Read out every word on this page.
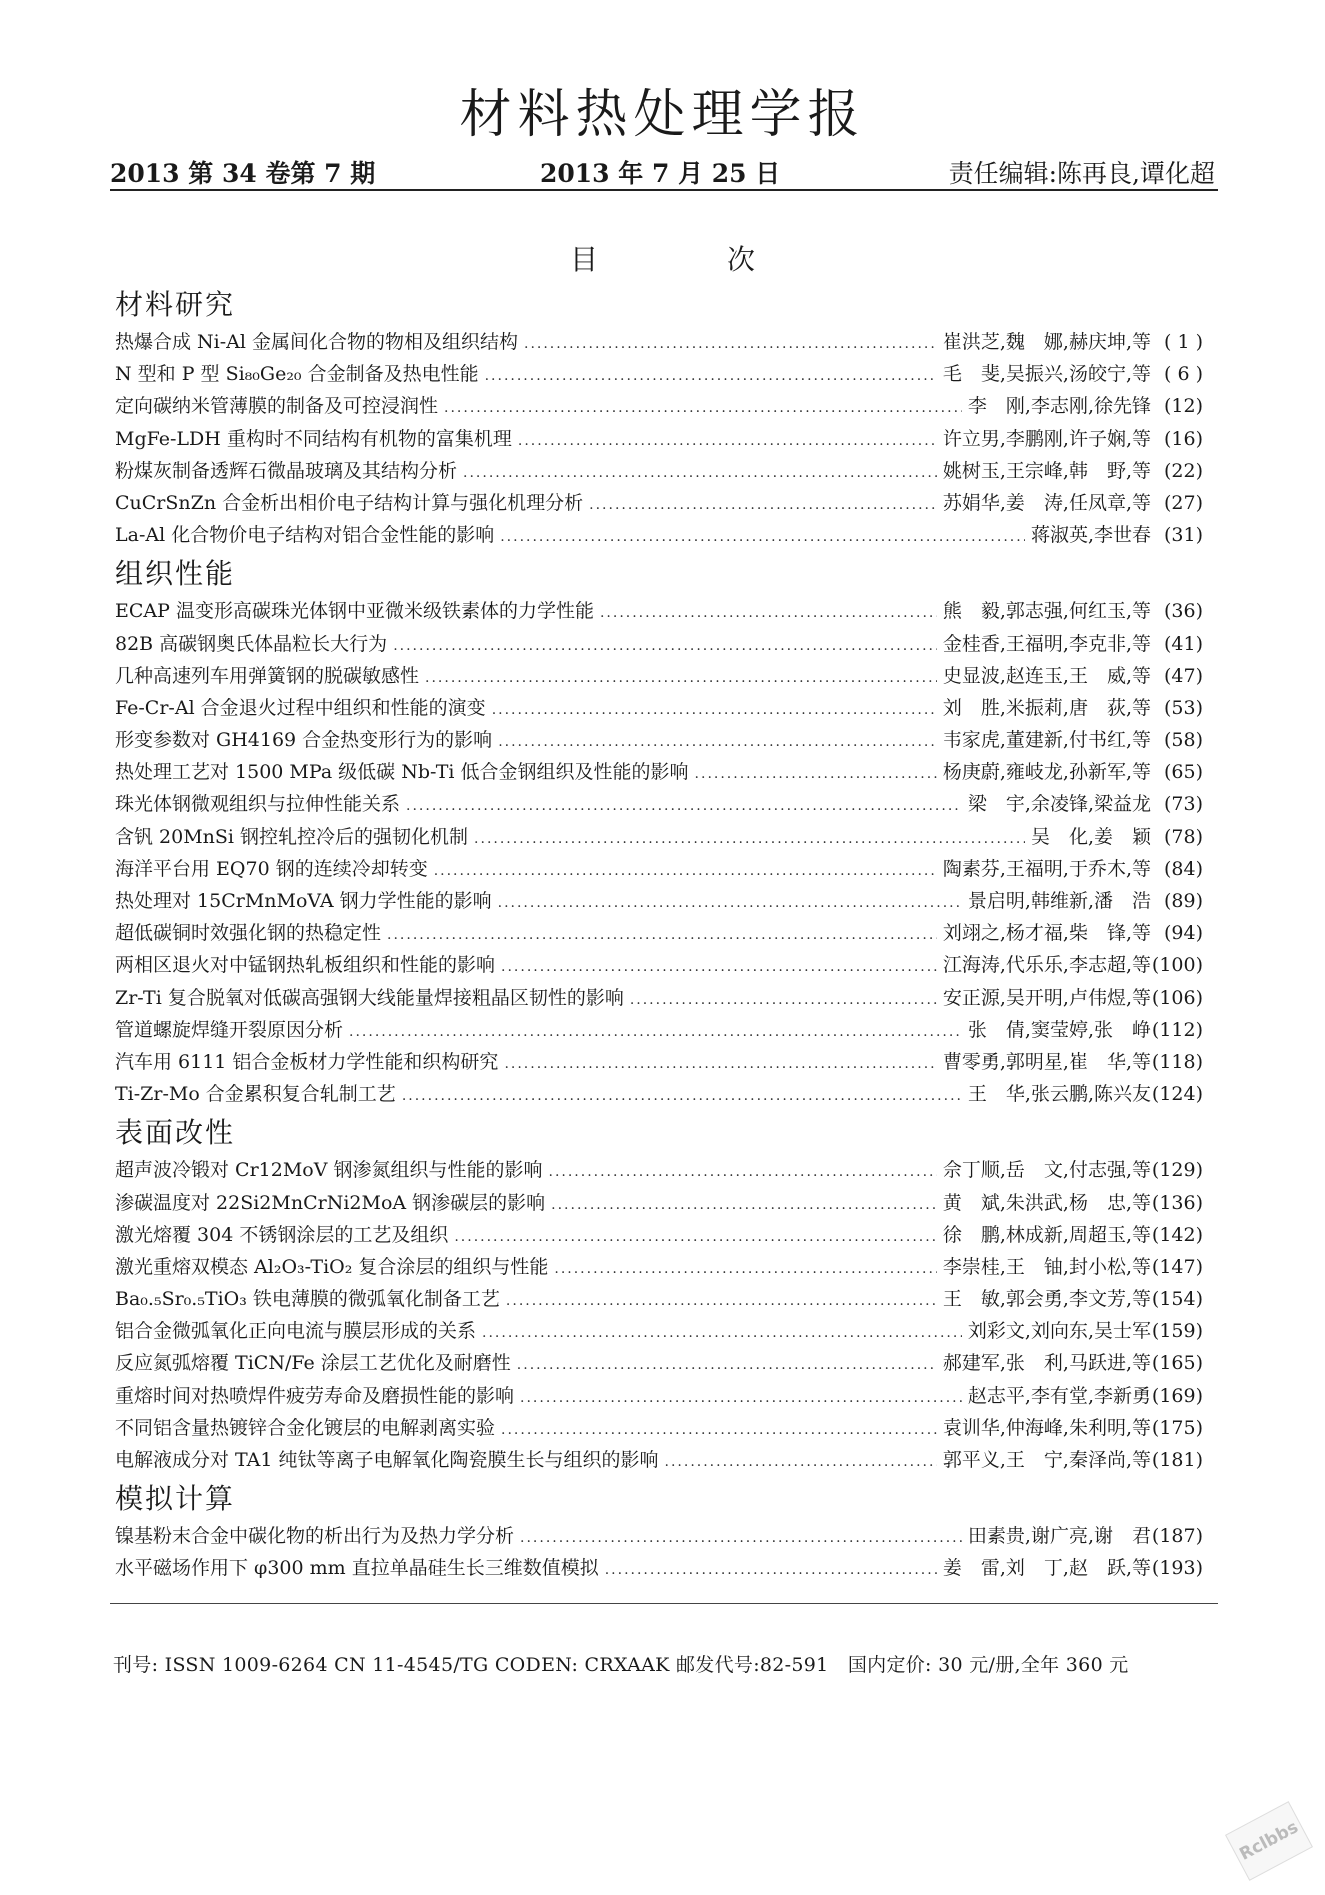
材料热处理学报
2013 第 34 卷第 7 期	2013 年 7 月 25 日	责任编辑:陈再良,谭化超
目 次
材料研究
热爆合成 Ni-Al 金属间化合物的物相及组织结构 .....	崔洪芝,魏　娜,赫庆坤,等 ( 1 )
N 型和 P 型 Si₈₀Ge₂₀ 合金制备及热电性能 .....	毛　斐,吴振兴,汤皎宁,等 ( 6 )
定向碳纳米管薄膜的制备及可控浸润性 .....	李　刚,李志刚,徐先锋 (12)
MgFe-LDH 重构时不同结构有机物的富集机理 .....	许立男,李鹏刚,许子娴,等 (16)
粉煤灰制备透辉石微晶玻璃及其结构分析 .....	姚树玉,王宗峰,韩　野,等 (22)
CuCrSnZn 合金析出相价电子结构计算与强化机理分析 .....	苏娟华,姜　涛,任凤章,等 (27)
La-Al 化合物价电子结构对铝合金性能的影响 .....	蒋淑英,李世春 (31)
组织性能
ECAP 温变形高碳珠光体钢中亚微米级铁素体的力学性能 .....	熊　毅,郭志强,何红玉,等 (36)
82B 高碳钢奥氏体晶粒长大行为 .....	金桂香,王福明,李克非,等 (41)
几种高速列车用弹簧钢的脱碳敏感性 .....	史显波,赵连玉,王　威,等 (47)
Fe-Cr-Al 合金退火过程中组织和性能的演变 .....	刘　胜,米振莉,唐　荻,等 (53)
形变参数对 GH4169 合金热变形行为的影响 .....	韦家虎,董建新,付书红,等 (58)
热处理工艺对 1500 MPa 级低碳 Nb-Ti 低合金钢组织及性能的影响 .....	杨庚蔚,雍岐龙,孙新军,等 (65)
珠光体钢微观组织与拉伸性能关系 .....	梁　宇,余凌锋,梁益龙 (73)
含钒 20MnSi 钢控轧控冷后的强韧化机制 .....	吴　化,姜　颖 (78)
海洋平台用 EQ70 钢的连续冷却转变 .....	陶素芬,王福明,于乔木,等 (84)
热处理对 15CrMnMoVA 钢力学性能的影响 .....	景启明,韩维新,潘　浩 (89)
超低碳铜时效强化钢的热稳定性 .....	刘翊之,杨才福,柴　锋,等 (94)
两相区退火对中锰钢热轧板组织和性能的影响 .....	江海涛,代乐乐,李志超,等 (100)
Zr-Ti 复合脱氧对低碳高强钢大线能量焊接粗晶区韧性的影响 .....	安正源,吴开明,卢伟煜,等 (106)
管道螺旋焊缝开裂原因分析 .....	张　倩,窦莹婷,张　峥 (112)
汽车用 6111 铝合金板材力学性能和织构研究 .....	曹零勇,郭明星,崔　华,等 (118)
Ti-Zr-Mo 合金累积复合轧制工艺 .....	王　华,张云鹏,陈兴友 (124)
表面改性
超声波冷锻对 Cr12MoV 钢渗氮组织与性能的影响 .....	佘丁顺,岳　文,付志强,等 (129)
渗碳温度对 22Si2MnCrNi2MoA 钢渗碳层的影响 .....	黄　斌,朱洪武,杨　忠,等 (136)
激光熔覆 304 不锈钢涂层的工艺及组织 .....	徐　鹏,林成新,周超玉,等 (142)
激光重熔双模态 Al₂O₃-TiO₂ 复合涂层的组织与性能 .....	李崇桂,王　铀,封小松,等 (147)
Ba₀.₅Sr₀.₅TiO₃ 铁电薄膜的微弧氧化制备工艺 .....	王　敏,郭会勇,李文芳,等 (154)
铝合金微弧氧化正向电流与膜层形成的关系 .....	刘彩文,刘向东,吴士军 (159)
反应氮弧熔覆 TiCN/Fe 涂层工艺优化及耐磨性 .....	郝建军,张　利,马跃进,等 (165)
重熔时间对热喷焊件疲劳寿命及磨损性能的影响 .....	赵志平,李有堂,李新勇 (169)
不同铝含量热镀锌合金化镀层的电解剥离实验 .....	袁训华,仲海峰,朱利明,等 (175)
电解液成分对 TA1 纯钛等离子电解氧化陶瓷膜生长与组织的影响 .....	郭平义,王　宁,秦泽尚,等 (181)
模拟计算
镍基粉末合金中碳化物的析出行为及热力学分析 .....	田素贵,谢广亮,谢　君 (187)
水平磁场作用下 φ300 mm 直拉单晶硅生长三维数值模拟 .....	姜　雷,刘　丁,赵　跃,等 (193)
刊号: ISSN 1009-6264 CN 11-4545/TG CODEN: CRXAAK 邮发代号:82-591　国内定价: 30 元/册,全年 360 元
Rclbbs
